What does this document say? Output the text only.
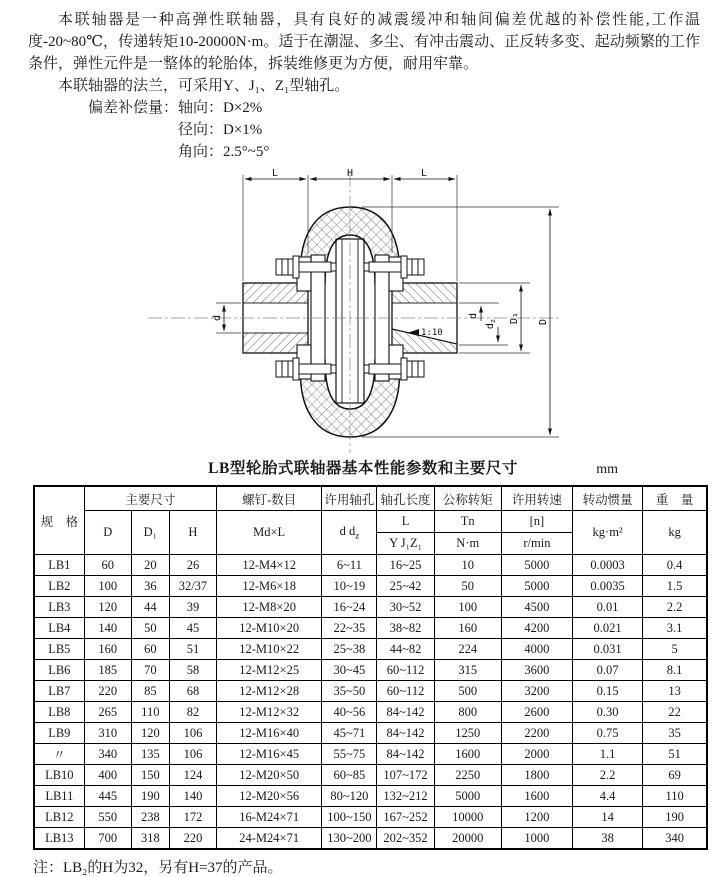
本联轴器是一种高弹性联轴器，具有良好的减震缓冲和轴间偏差优越的补偿性能,工作温度-20~80℃，传递转矩10-20000N·m。适于在潮湿、多尘、有冲击震动、正反转多变、起动频繁的工作条件，弹性元件是一整体的轮胎体，拆装维修更为方便，耐用牢靠。

本联轴器的法兰，可采用Y、J₁、Z₁型轴孔。

偏差补偿量： 轴向：D×2%
径向：D×1%
角向：2.5°~5°
1:10
L	H	L
d	d
$d_z$ D₁ D
LB型轮胎式联轴器基本性能参数和主要尺寸	mm
规　格	主要尺寸			螺钉-数目	许用轴孔	轴孔长度	公称转矩	许用转速	转动惯量	重　量
	D	D₁	H	Md×L	d $d_z$	L	Tn	[n]	kg·m²	kg
						Y J₁Z₁	N·m	r/min		
LB1	60	20	26	12-M4×12	6~11	16~25	10	5000	0.0003	0.4
LB2	100	36	32/37	12-M6×18	10~19	25~42	50	5000	0.0035	1.5
LB3	120	44	39	12-M8×20	16~24	30~52	100	4500	0.01	2.2
LB4	140	50	45	12-M10×20	22~35	38~82	160	4200	0.021	3.1
LB5	160	60	51	12-M10×22	25~38	44~82	224	4000	0.031	5
LB6	185	70	58	12-M12×25	30~45	60~112	315	3600	0.07	8.1
LB7	220	85	68	12-M12×28	35~50	60~112	500	3200	0.15	13
LB8	265	110	82	12-M12×32	40~56	84~142	800	2600	0.30	22
LB9	310	120	106	12-M16×40	45~71	84~142	1250	2200	0.75	35
〃	340	135	106	12-M16×45	55~75	84~142	1600	2000	1.1	51
LB10	400	150	124	12-M20×50	60~85	107~172	2250	1800	2.2	69
LB11	445	190	140	12-M20×56	80~120	132~212	5000	1600	4.4	110
LB12	550	238	172	16-M24×71	100~150	167~252	10000	1200	14	190
LB13	700	318	220	24-M24×71	130~200	202~352	20000	1000	38	340
注：LB₂的H为32，另有H=37的产品。
